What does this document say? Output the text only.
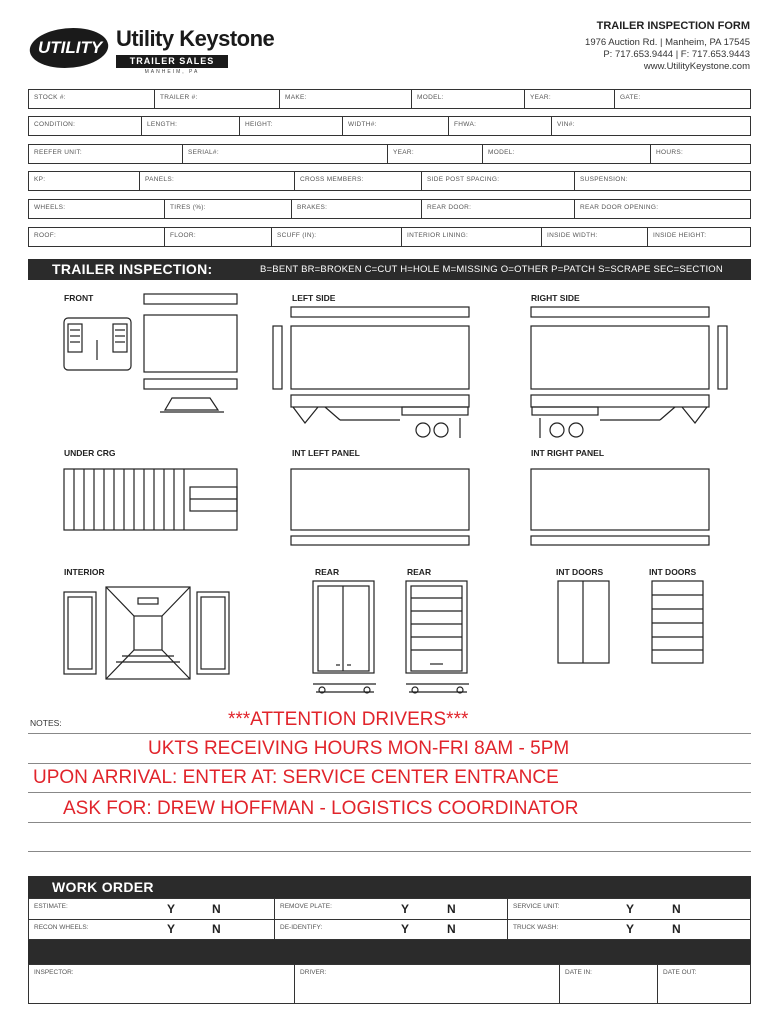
UTILITY Utility Keystone
TRAILER SALES
MANHEIM, PA
TRAILER INSPECTION FORM
1976 Auction Rd. | Manheim, PA 17545
P: 717.653.9444 | F: 717.653.9443
www.UtilityKeystone.com
STOCK #:	TRAILER #:	MAKE:	MODEL:	YEAR:	GATE:
CONDITION:	LENGTH:	HEIGHT:	WIDTH#:	FHWA:	VIN#:
REEFER UNIT:	SERIAL#:	YEAR:	MODEL:	HOURS:
KP:	PANELS:	CROSS MEMBERS:	SIDE POST SPACING:	SUSPENSION:
WHEELS:	TIRES (%):	BRAKES:	REAR DOOR:	REAR DOOR OPENING:
ROOF:	FLOOR:	SCUFF (IN):	INTERIOR LINING:	INSIDE WIDTH:	INSIDE HEIGHT:
TRAILER INSPECTION:	B=BENT BR=BROKEN C=CUT H=HOLE M=MISSING O=OTHER P=PATCH S=SCRAPE SEC=SECTION
FRONT	LEFT SIDE	RIGHT SIDE
UNDER CRG	INT LEFT PANEL	INT RIGHT PANEL
INTERIOR	REAR	REAR	INT DOORS	INT DOORS
NOTES:	***ATTENTION DRIVERS***
UKTS RECEIVING HOURS MON-FRI 8AM - 5PM
UPON ARRIVAL: ENTER AT: SERVICE CENTER ENTRANCE
ASK FOR: DREW HOFFMAN - LOGISTICS COORDINATOR
WORK ORDER
ESTIMATE:	Y	N	REMOVE PLATE:	Y	N	SERVICE UNIT:	Y	N
RECON WHEELS:	Y	N	DE-IDENTIFY:	Y	N	TRUCK WASH:	Y	N
INSPECTOR:	DRIVER:	DATE IN:	DATE OUT:
